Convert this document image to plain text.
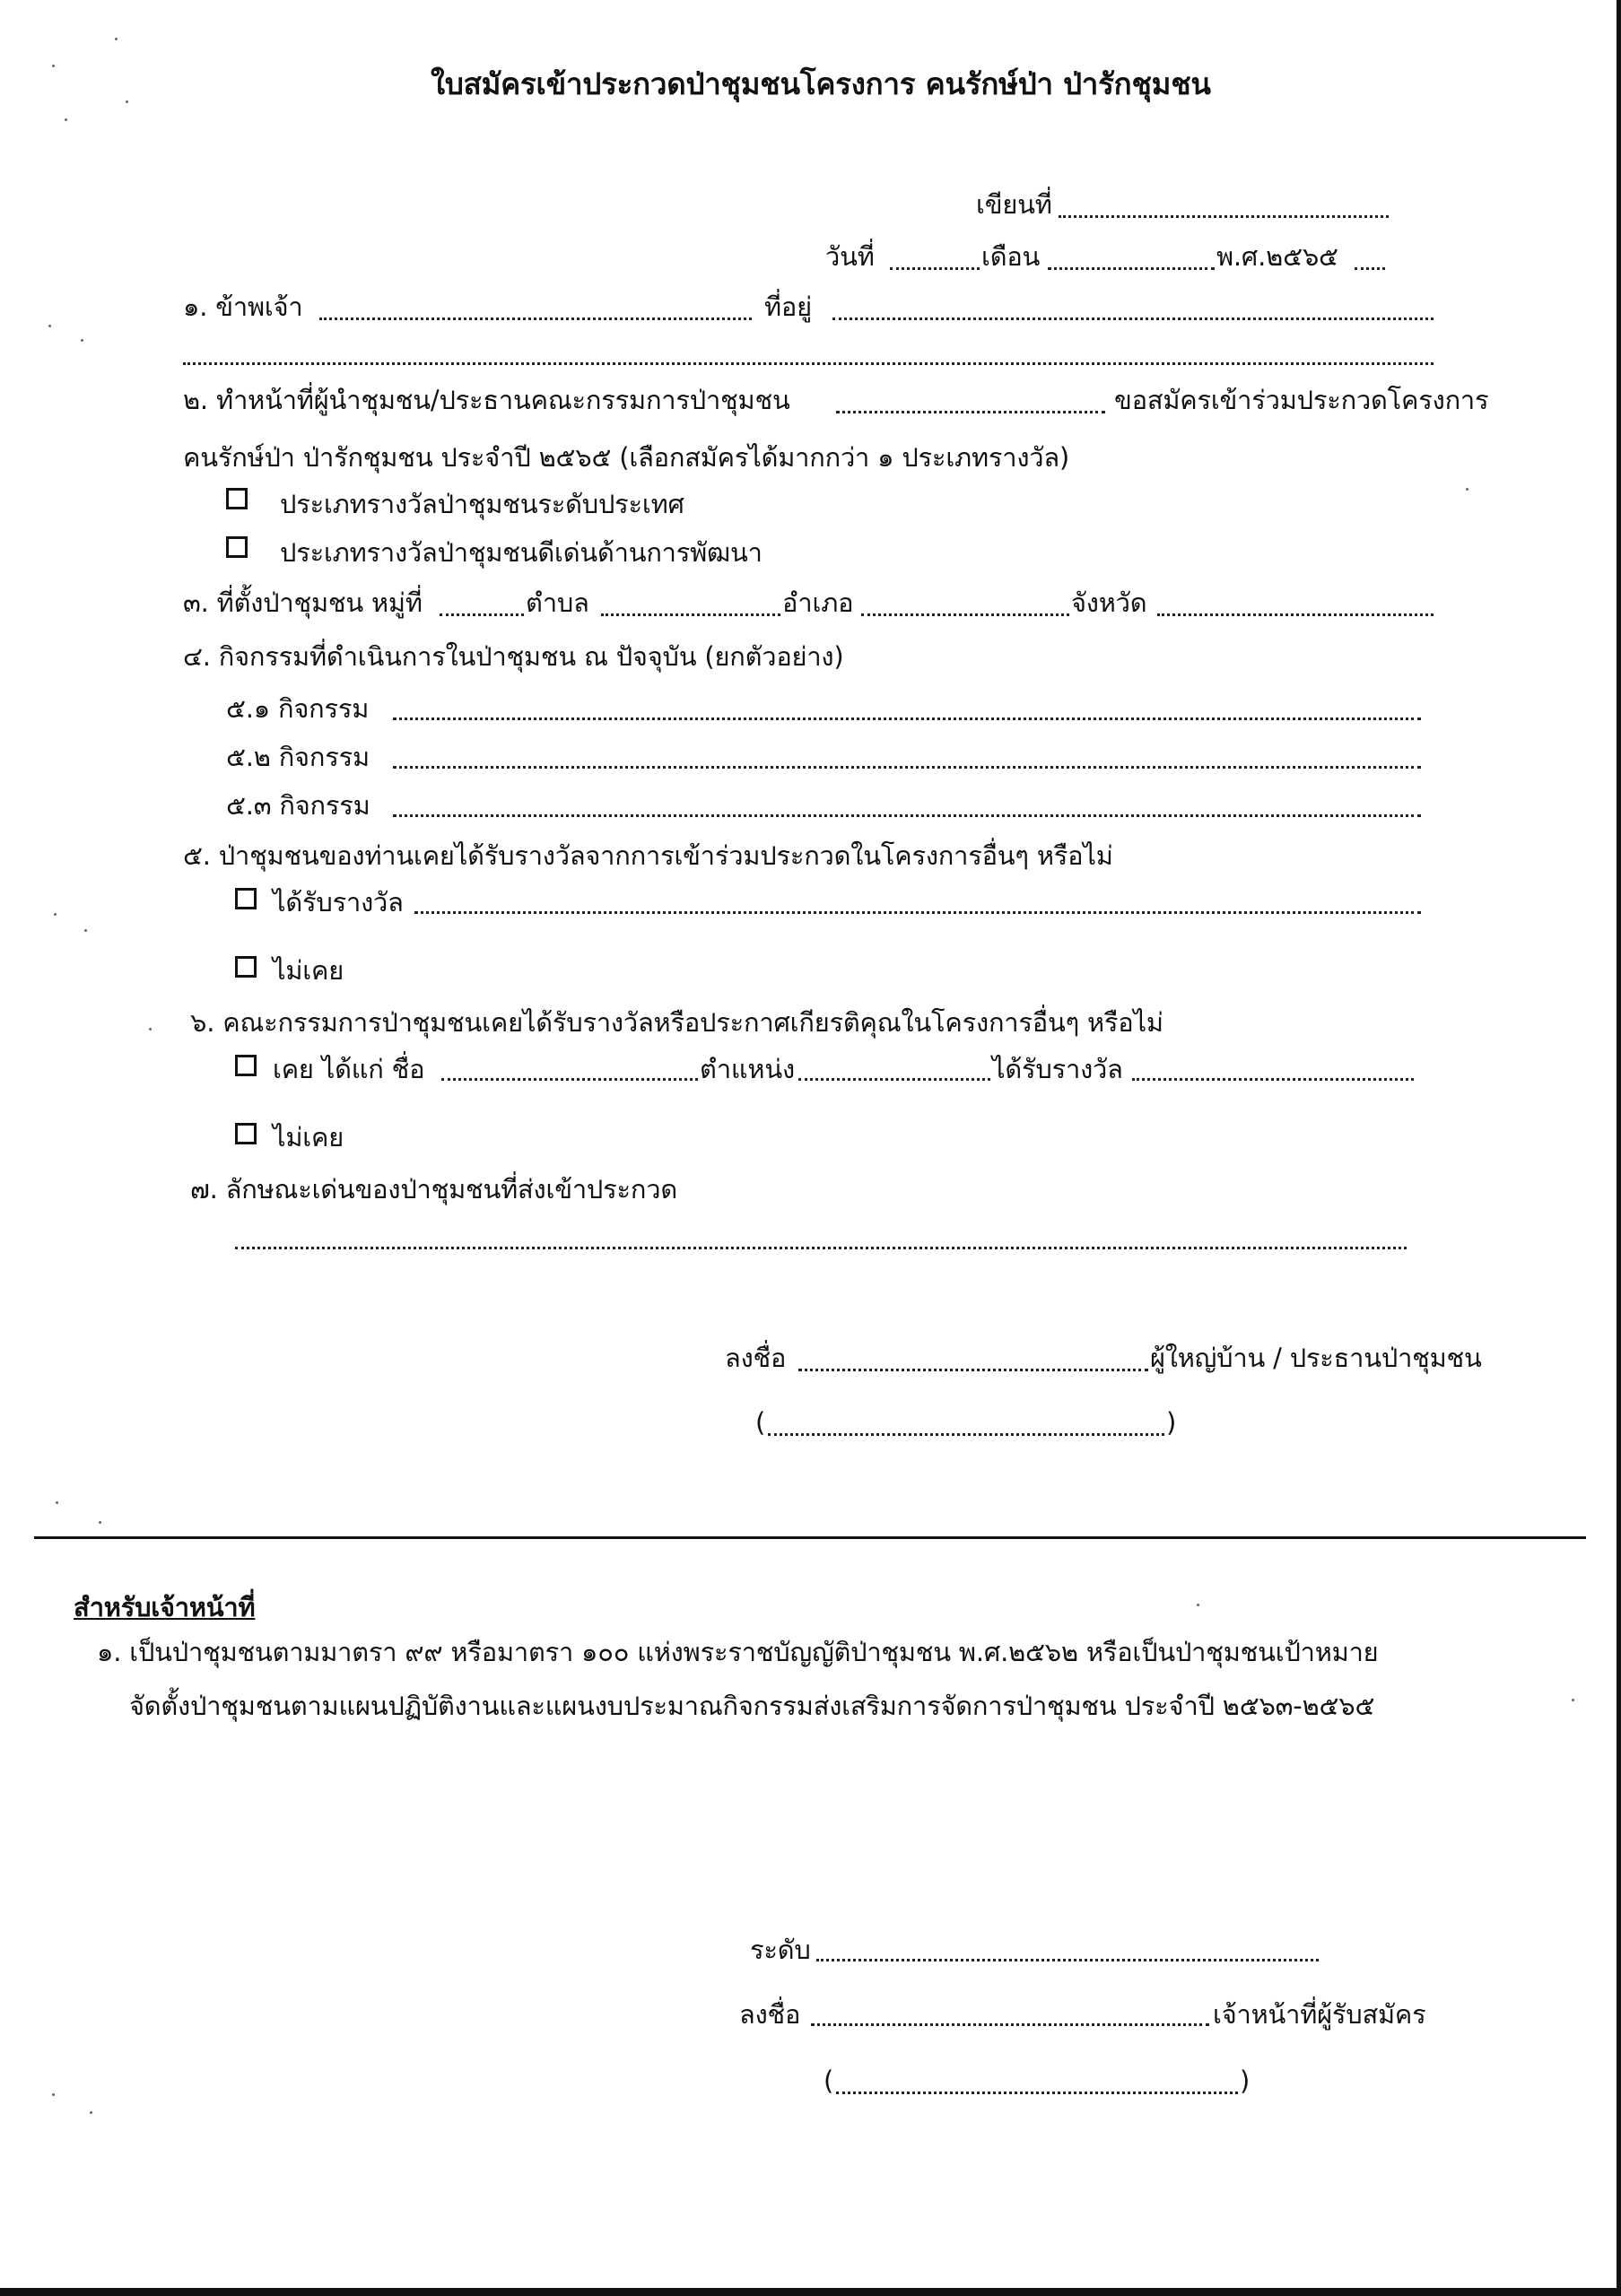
ใบสมัครเข้าประกวดป่าชุมชนโครงการ คนรักษ์ป่า ป่ารักชุมชน
เขียนที่
วันที่	เดือน	พ.ศ.๒๕๖๕
๑. ข้าพเจ้า	ที่อยู่
๒. ทำหน้าที่ผู้นำชุมชน/ประธานคณะกรรมการป่าชุมชน	ขอสมัครเข้าร่วมประกวดโครงการ
คนรักษ์ป่า ป่ารักชุมชน ประจำปี ๒๕๖๕ (เลือกสมัครได้มากกว่า ๑ ประเภทรางวัล)
ประเภทรางวัลป่าชุมชนระดับประเทศ
ประเภทรางวัลป่าชุมชนดีเด่นด้านการพัฒนา
๓. ที่ตั้งป่าชุมชน หมู่ที่	ตำบล	อำเภอ	จังหวัด
๔. กิจกรรมที่ดำเนินการในป่าชุมชน ณ ปัจจุบัน (ยกตัวอย่าง)
๕.๑ กิจกรรม
๕.๒ กิจกรรม
๕.๓ กิจกรรม
๕. ป่าชุมชนของท่านเคยได้รับรางวัลจากการเข้าร่วมประกวดในโครงการอื่นๆ หรือไม่
ได้รับรางวัล
ไม่เคย
๖. คณะกรรมการป่าชุมชนเคยได้รับรางวัลหรือประกาศเกียรติคุณในโครงการอื่นๆ หรือไม่
เคย ได้แก่ ชื่อ	ตำแหน่ง	ได้รับรางวัล
ไม่เคย
๗. ลักษณะเด่นของป่าชุมชนที่ส่งเข้าประกวด
ลงชื่อ	ผู้ใหญ่บ้าน / ประธานป่าชุมชน
(	)
สำหรับเจ้าหน้าที่
๑. เป็นป่าชุมชนตามมาตรา ๙๙ หรือมาตรา ๑๐๐ แห่งพระราชบัญญัติป่าชุมชน พ.ศ.๒๕๖๒ หรือเป็นป่าชุมชนเป้าหมาย
จัดตั้งป่าชุมชนตามแผนปฏิบัติงานและแผนงบประมาณกิจกรรมส่งเสริมการจัดการป่าชุมชน ประจำปี ๒๕๖๓-๒๕๖๕
ระดับ
ลงชื่อ	เจ้าหน้าที่ผู้รับสมัคร
(	)
